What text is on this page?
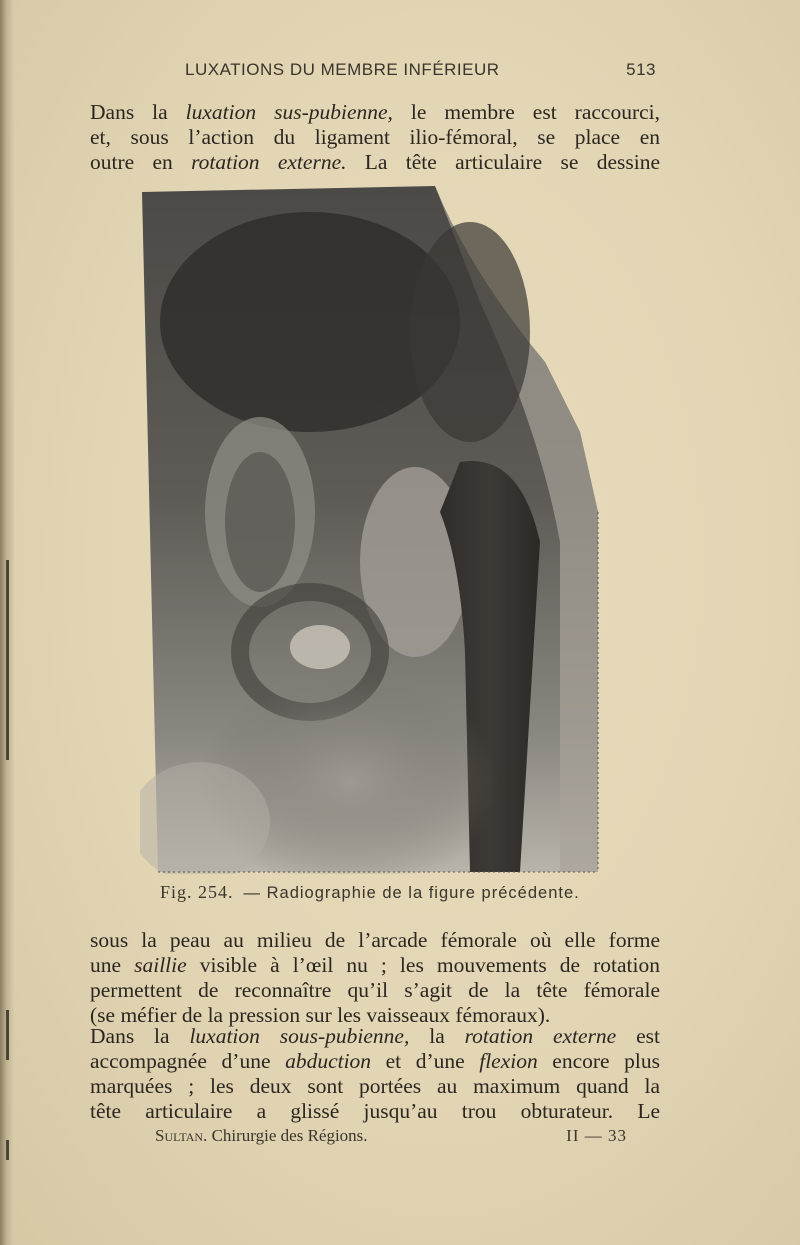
LUXATIONS DU MEMBRE INFÉRIEUR	513
Dans la luxation sus-pubienne, le membre est raccourci,
et, sous l’action du ligament ilio-fémoral, se place en
outre en rotation externe. La tête articulaire se dessine
Fig. 254. — Radiographie de la figure précédente.
sous la peau au milieu de l’arcade fémorale où elle forme
une saillie visible à l’œil nu ; les mouvements de rotation
permettent de reconnaître qu’il s’agit de la tête fémorale
(se méfier de la pression sur les vaisseaux fémoraux).
Dans la luxation sous-pubienne, la rotation externe est
accompagnée d’une abduction et d’une flexion encore plus
marquées ; les deux sont portées au maximum quand la
tête articulaire a glissé jusqu’au trou obturateur. Le
Sultan. Chirurgie des Régions.	II — 33
